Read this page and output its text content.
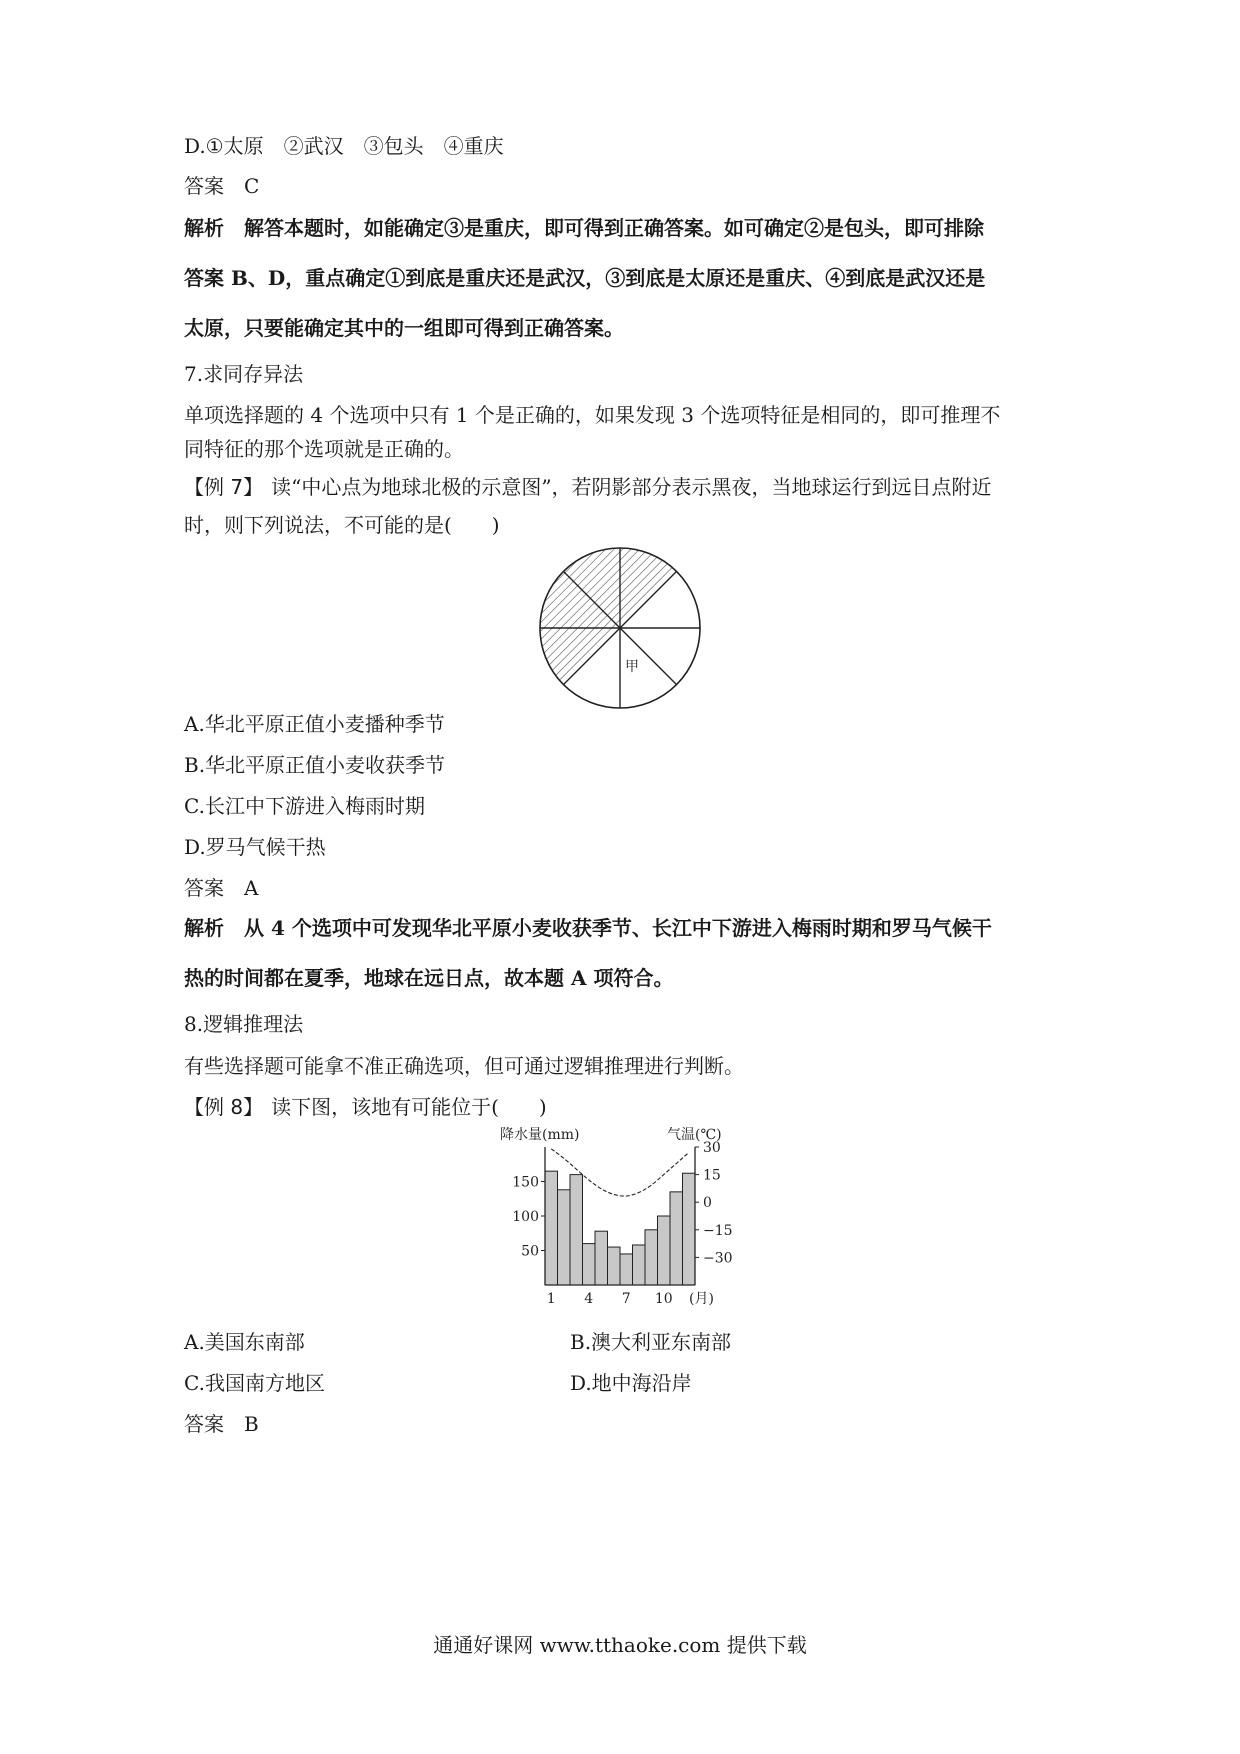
D.①太原　②武汉　③包头　④重庆
答案 C
解析 解答本题时，如能确定③是重庆，即可得到正确答案。如可确定②是包头，即可排除
答案 B、D，重点确定①到底是重庆还是武汉，③到底是太原还是重庆、④到底是武汉还是
太原，只要能确定其中的一组即可得到正确答案。
7.求同存异法
单项选择题的 4 个选项中只有 1 个是正确的，如果发现 3 个选项特征是相同的，即可推理不
同特征的那个选项就是正确的。
【例 7】 读“中心点为地球北极的示意图”，若阴影部分表示黑夜，当地球运行到远日点附近
时，则下列说法，不可能的是(　　)
甲
A.华北平原正值小麦播种季节
B.华北平原正值小麦收获季节
C.长江中下游进入梅雨时期
D.罗马气候干热
答案 A
解析 从 4 个选项中可发现华北平原小麦收获季节、长江中下游进入梅雨时期和罗马气候干
热的时间都在夏季，地球在远日点，故本题 A 项符合。
8.逻辑推理法
有些选择题可能拿不准正确选项，但可通过逻辑推理进行判断。
【例 8】 读下图，该地有可能位于(　　)
50
100
150
30
15
0
−15
−30
1 4 7 10 (月)
降水量(mm)	气温(℃)
A.美国东南部	B.澳大利亚东南部
C.我国南方地区	D.地中海沿岸
答案 B
通通好课网 www.tthaoke.com 提供下载
